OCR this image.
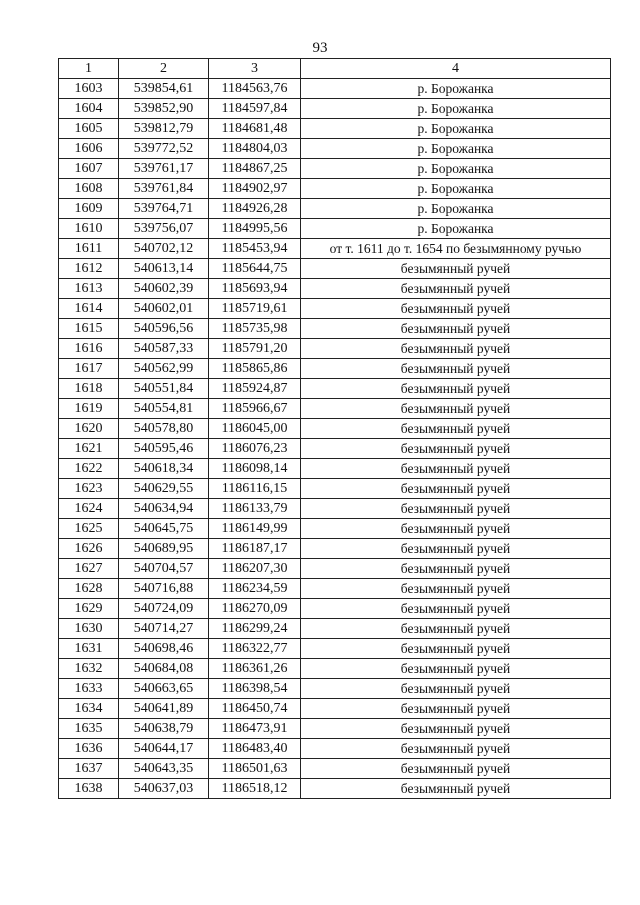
93
1	2	3	4
1603	539854,61	1184563,76	р. Борожанка
1604	539852,90	1184597,84	р. Борожанка
1605	539812,79	1184681,48	р. Борожанка
1606	539772,52	1184804,03	р. Борожанка
1607	539761,17	1184867,25	р. Борожанка
1608	539761,84	1184902,97	р. Борожанка
1609	539764,71	1184926,28	р. Борожанка
1610	539756,07	1184995,56	р. Борожанка
1611	540702,12	1185453,94	от т. 1611 до т. 1654 по безымянному ручью
1612	540613,14	1185644,75	безымянный ручей
1613	540602,39	1185693,94	безымянный ручей
1614	540602,01	1185719,61	безымянный ручей
1615	540596,56	1185735,98	безымянный ручей
1616	540587,33	1185791,20	безымянный ручей
1617	540562,99	1185865,86	безымянный ручей
1618	540551,84	1185924,87	безымянный ручей
1619	540554,81	1185966,67	безымянный ручей
1620	540578,80	1186045,00	безымянный ручей
1621	540595,46	1186076,23	безымянный ручей
1622	540618,34	1186098,14	безымянный ручей
1623	540629,55	1186116,15	безымянный ручей
1624	540634,94	1186133,79	безымянный ручей
1625	540645,75	1186149,99	безымянный ручей
1626	540689,95	1186187,17	безымянный ручей
1627	540704,57	1186207,30	безымянный ручей
1628	540716,88	1186234,59	безымянный ручей
1629	540724,09	1186270,09	безымянный ручей
1630	540714,27	1186299,24	безымянный ручей
1631	540698,46	1186322,77	безымянный ручей
1632	540684,08	1186361,26	безымянный ручей
1633	540663,65	1186398,54	безымянный ручей
1634	540641,89	1186450,74	безымянный ручей
1635	540638,79	1186473,91	безымянный ручей
1636	540644,17	1186483,40	безымянный ручей
1637	540643,35	1186501,63	безымянный ручей
1638	540637,03	1186518,12	безымянный ручей
